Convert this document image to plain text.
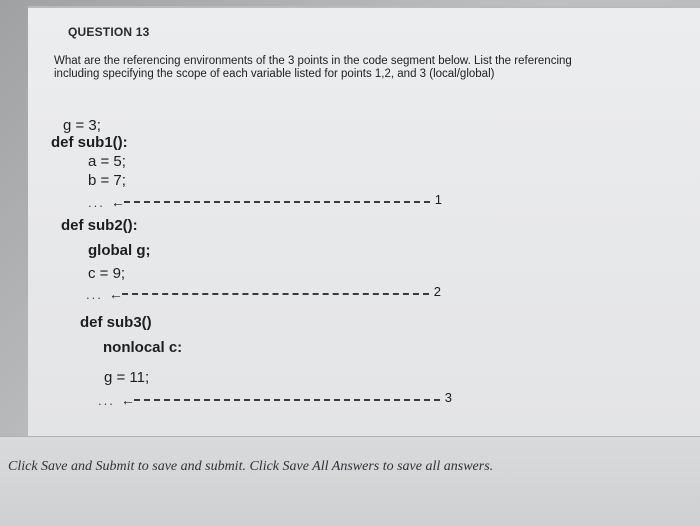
QUESTION 13
What are the referencing environments of the 3 points in the code segment below. List the referencing
including specifying the scope of each variable listed for points 1,2, and 3 (local/global)
g = 3;
def sub1():
a = 5;
b = 7;
... ←	1
def sub2():
global g;
c = 9;
... ←	2
def sub3()
nonlocal c:
g = 11;
... ←	3
Click Save and Submit to save and submit. Click Save All Answers to save all answers.
